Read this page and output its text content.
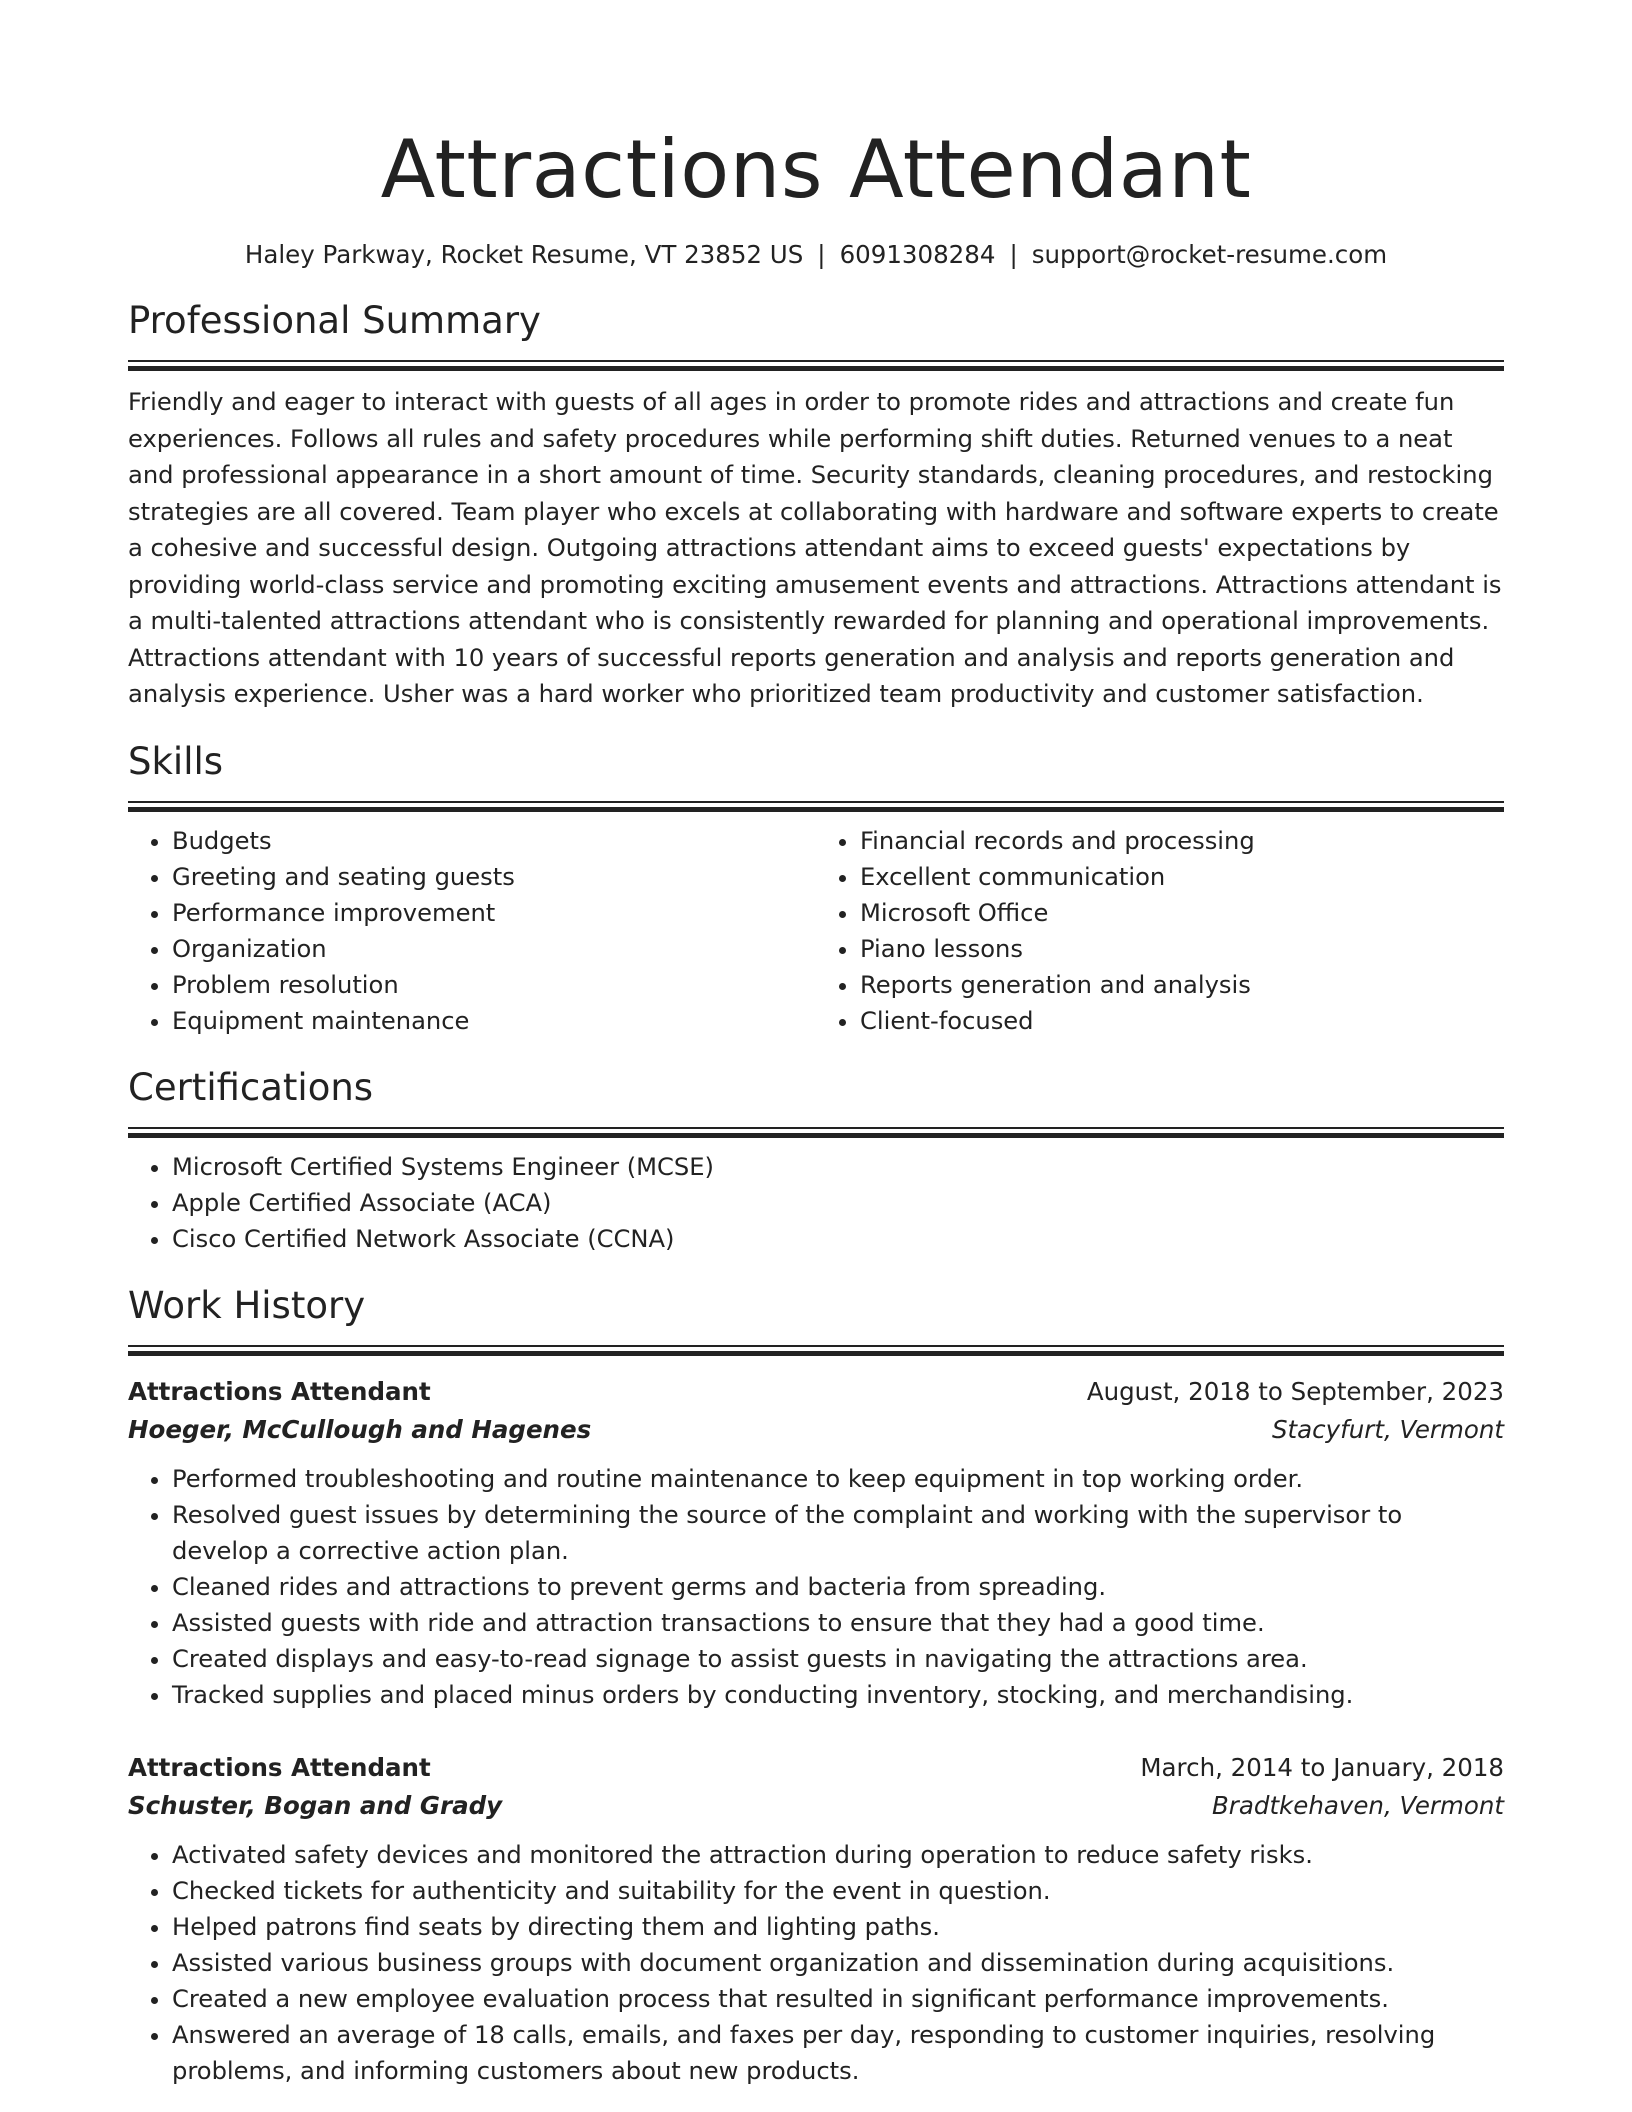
Attractions Attendant
Haley Parkway, Rocket Resume, VT 23852 US | 6091308284 | support@rocket-resume.com
Professional Summary
Friendly and eager to interact with guests of all ages in order to promote rides and attractions and create fun experiences. Follows all rules and safety procedures while performing shift duties. Returned venues to a neat and professional appearance in a short amount of time. Security standards, cleaning procedures, and restocking strategies are all covered. Team player who excels at collaborating with hardware and software experts to create a cohesive and successful design. Outgoing attractions attendant aims to exceed guests' expectations by providing world-class service and promoting exciting amusement events and attractions. Attractions attendant is a multi-talented attractions attendant who is consistently rewarded for planning and operational improvements. Attractions attendant with 10 years of successful reports generation and analysis and reports generation and analysis experience. Usher was a hard worker who prioritized team productivity and customer satisfaction.
Skills
• Budgets
• Greeting and seating guests
• Performance improvement
• Organization
• Problem resolution
• Equipment maintenance
• Financial records and processing
• Excellent communication
• Microsoft Office
• Piano lessons
• Reports generation and analysis
• Client-focused
Certifications
• Microsoft Certified Systems Engineer (MCSE)
• Apple Certified Associate (ACA)
• Cisco Certified Network Associate (CCNA)
Work History
Attractions Attendant	August, 2018 to September, 2023
Hoeger, McCullough and Hagenes	Stacyfurt, Vermont
• Performed troubleshooting and routine maintenance to keep equipment in top working order.
• Resolved guest issues by determining the source of the complaint and working with the supervisor to develop a corrective action plan.
• Cleaned rides and attractions to prevent germs and bacteria from spreading.
• Assisted guests with ride and attraction transactions to ensure that they had a good time.
• Created displays and easy-to-read signage to assist guests in navigating the attractions area.
• Tracked supplies and placed minus orders by conducting inventory, stocking, and merchandising.
Attractions Attendant	March, 2014 to January, 2018
Schuster, Bogan and Grady	Bradtkehaven, Vermont
• Activated safety devices and monitored the attraction during operation to reduce safety risks.
• Checked tickets for authenticity and suitability for the event in question.
• Helped patrons find seats by directing them and lighting paths.
• Assisted various business groups with document organization and dissemination during acquisitions.
• Created a new employee evaluation process that resulted in significant performance improvements.
• Answered an average of 18 calls, emails, and faxes per day, responding to customer inquiries, resolving problems, and informing customers about new products.
